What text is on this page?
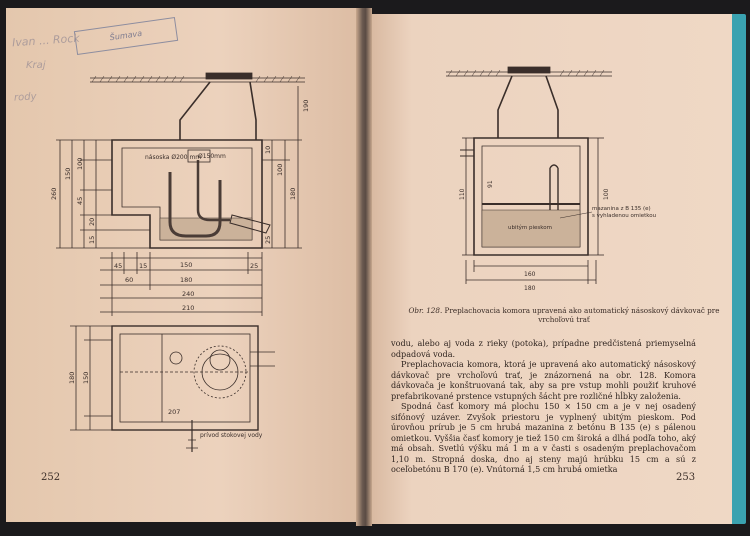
Šumava
Ivan ... Rock
Kraj
rody
násoska Ø200 mm
Ø150mm
150
60	180
240
210
45	15	25
260
150
100
45
20
15
100
180
190
10
25
180 150
207
prívod stokovej vody
mazanina z B 135 (e)
s vyhladenou omietkou
ubitým pieskom
160
180
110	100
91
252	253
Obr. 128. Preplachovacia komora upravená ako automatický násoskový dávkovač pre vrchoľovú trať

vodu, alebo aj voda z rieky (potoka), prípadne predčistená priemyselná odpadová voda.

Preplachovacia komora, ktorá je upravená ako automatický násoskový dávkovač pre vrchoľovú trať, je znázornená na obr. 128. Komora dávkovača je konštruovaná tak, aby sa pre vstup mohli použiť kruhové prefabrikované prstence vstupných šácht pre rozličné hĺbky založenia.

Spodná časť komory má plochu 150 × 150 cm a je v nej osadený sifónový uzáver. Zvyšok priestoru je vyplnený ubitým pieskom. Pod úrovňou prírub je 5 cm hrubá mazanina z betónu B 135 (e) s pálenou omietkou. Vyššia časť komory je tiež 150 cm široká a dlhá podľa toho, aký má obsah. Svetlú výšku má 1 m a v časti s osadeným preplachovačom 1,10 m. Stropná doska, dno aj steny majú hrúbku 15 cm a sú z oceľobetónu B 170 (e). Vnútorná 1,5 cm hrubá omietka
